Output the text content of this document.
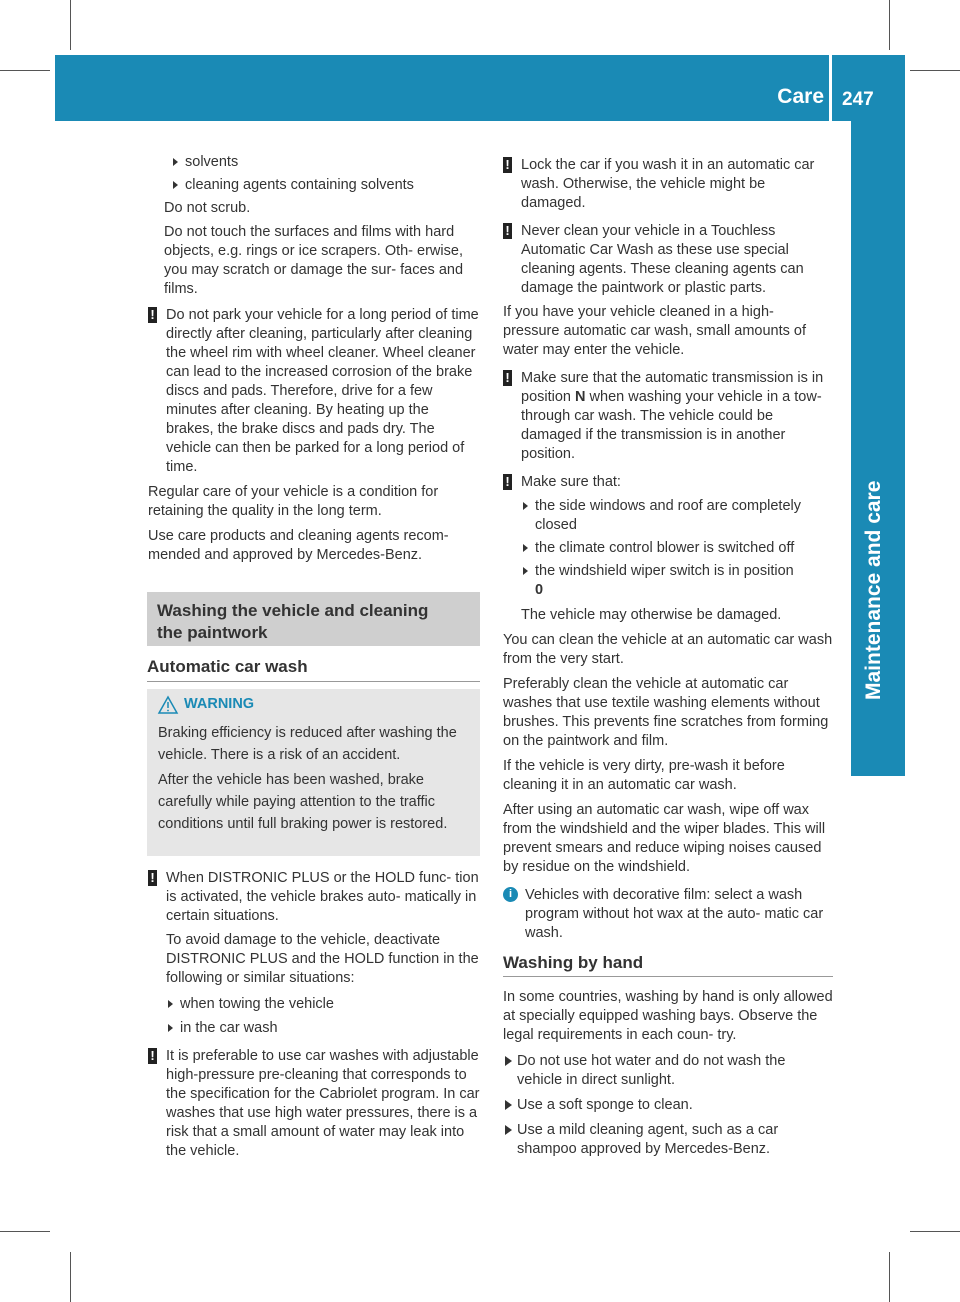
Care 247
Maintenance and care
solvents
cleaning agents containing solvents

Do not scrub.

Do not touch the surfaces and films with hard objects, e.g. rings or ice scrapers. Oth- erwise, you may scratch or damage the sur- faces and films.

! Do not park your vehicle for a long period of time directly after cleaning, particularly after cleaning the wheel rim with wheel cleaner. Wheel cleaner can lead to the increased corrosion of the brake discs and pads. Therefore, drive for a few minutes after cleaning. By heating up the brakes, the brake discs and pads dry. The vehicle can then be parked for a long period of time.

Regular care of your vehicle is a condition for retaining the quality in the long term.

Use care products and cleaning agents recom- mended and approved by Mercedes-Benz.

Washing the vehicle and cleaning the paintwork
Automatic car wash
WARNING

Braking efficiency is reduced after washing the vehicle. There is a risk of an accident.

After the vehicle has been washed, brake carefully while paying attention to the traffic conditions until full braking power is restored.

! When DISTRONIC PLUS or the HOLD func- tion is activated, the vehicle brakes auto- matically in certain situations.

To avoid damage to the vehicle, deactivate DISTRONIC PLUS and the HOLD function in the following or similar situations:

when towing the vehicle
in the car wash
! It is preferable to use car washes with adjustable high-pressure pre-cleaning that corresponds to the specification for the Cabriolet program. In car washes that use high water pressures, there is a risk that a small amount of water may leak into the vehicle.
! Lock the car if you wash it in an automatic car wash. Otherwise, the vehicle might be damaged.
! Never clean your vehicle in a Touchless Automatic Car Wash as these use special cleaning agents. These cleaning agents can damage the paintwork or plastic parts.

If you have your vehicle cleaned in a high- pressure automatic car wash, small amounts of water may enter the vehicle.

! Make sure that the automatic transmission is in position N when washing your vehicle in a tow-through car wash. The vehicle could be damaged if the transmission is in another position.
! Make sure that:
the side windows and roof are completely closed
the climate control blower is switched off
the windshield wiper switch is in position
0

The vehicle may otherwise be damaged.

You can clean the vehicle at an automatic car wash from the very start.

Preferably clean the vehicle at automatic car washes that use textile washing elements without brushes. This prevents fine scratches from forming on the paintwork and film.

If the vehicle is very dirty, pre-wash it before cleaning it in an automatic car wash.

After using an automatic car wash, wipe off wax from the windshield and the wiper blades. This will prevent smears and reduce wiping noises caused by residue on the windshield.

i Vehicles with decorative film: select a wash program without hot wax at the auto- matic car wash.
Washing by hand

In some countries, washing by hand is only allowed at specially equipped washing bays. Observe the legal requirements in each coun- try.

Do not use hot water and do not wash the vehicle in direct sunlight.
Use a soft sponge to clean.
Use a mild cleaning agent, such as a car shampoo approved by Mercedes-Benz.
